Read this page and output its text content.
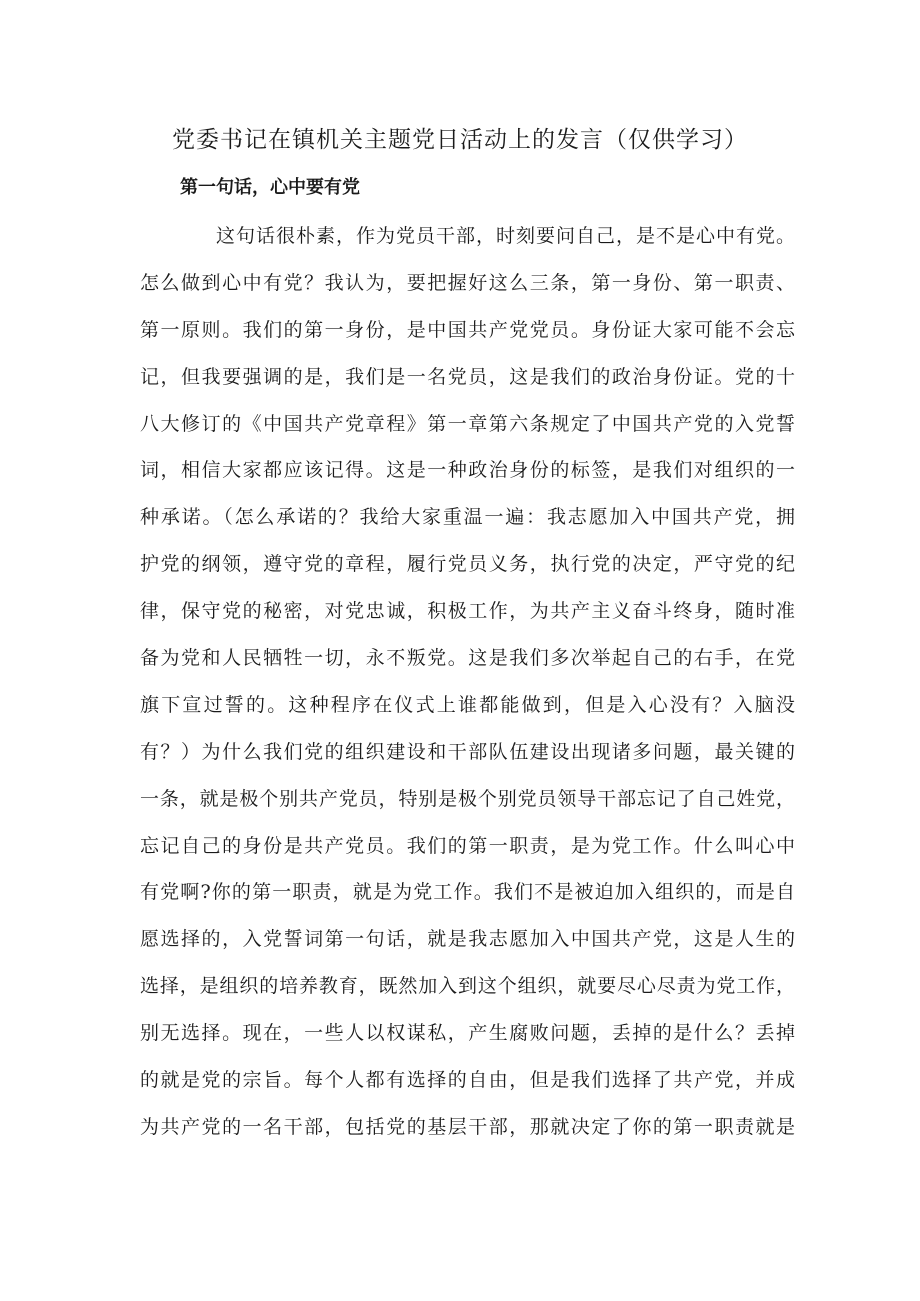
党委书记在镇机关主题党日活动上的发言（仅供学习）
第一句话，心中要有党
这句话很朴素，作为党员干部，时刻要问自己，是不是心中有党。
怎么做到心中有党？我认为，要把握好这么三条，第一身份、第一职责、
第一原则。我们的第一身份，是中国共产党党员。身份证大家可能不会忘
记，但我要强调的是，我们是一名党员，这是我们的政治身份证。党的十
八大修订的《中国共产党章程》第一章第六条规定了中国共产党的入党誓
词，相信大家都应该记得。这是一种政治身份的标签，是我们对组织的一
种承诺。（怎么承诺的？我给大家重温一遍：我志愿加入中国共产党，拥
护党的纲领，遵守党的章程，履行党员义务，执行党的决定，严守党的纪
律，保守党的秘密，对党忠诚，积极工作，为共产主义奋斗终身，随时准
备为党和人民牺牲一切，永不叛党。这是我们多次举起自己的右手，在党
旗下宣过誓的。这种程序在仪式上谁都能做到，但是入心没有？入脑没
有？）为什么我们党的组织建设和干部队伍建设出现诸多问题，最关键的
一条，就是极个别共产党员，特别是极个别党员领导干部忘记了自己姓党，
忘记自己的身份是共产党员。我们的第一职责，是为党工作。什么叫心中
有党啊?你的第一职责，就是为党工作。我们不是被迫加入组织的，而是自
愿选择的，入党誓词第一句话，就是我志愿加入中国共产党，这是人生的
选择，是组织的培养教育，既然加入到这个组织，就要尽心尽责为党工作，
别无选择。现在，一些人以权谋私，产生腐败问题，丢掉的是什么？丢掉
的就是党的宗旨。每个人都有选择的自由，但是我们选择了共产党，并成
为共产党的一名干部，包括党的基层干部，那就决定了你的第一职责就是
